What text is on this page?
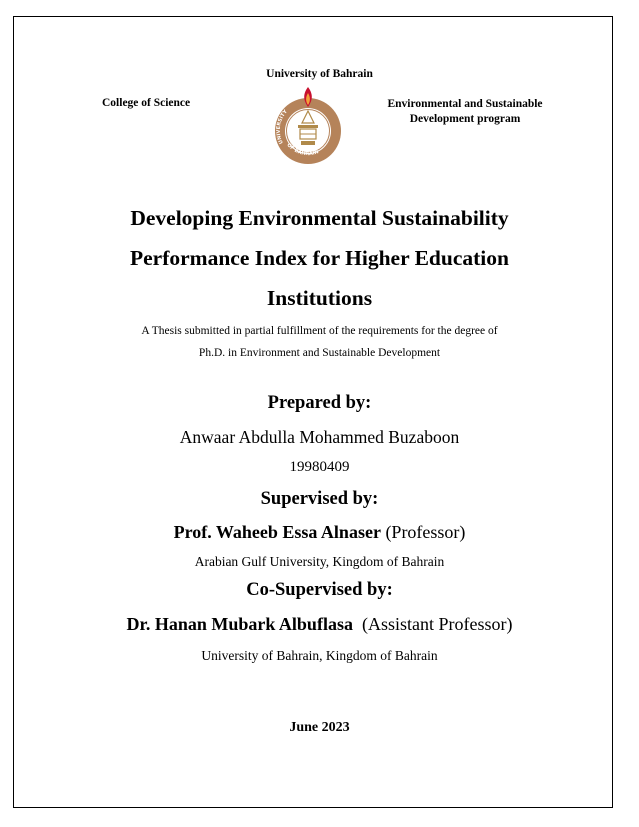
University of Bahrain
College of Science	Environmental and Sustainable
Development program
UNIVERSITY
OF BAHRAIN
Developing Environmental Sustainability
Performance Index for Higher Education
Institutions
A Thesis submitted in partial fulfillment of the requirements for the degree of
Ph.D. in Environment and Sustainable Development
Prepared by:
Anwaar Abdulla Mohammed Buzaboon
19980409
Supervised by:
Prof. Waheeb Essa Alnaser (Professor)
Arabian Gulf University, Kingdom of Bahrain
Co-Supervised by:
Dr. Hanan Mubark Albuflasa (Assistant Professor)
University of Bahrain, Kingdom of Bahrain
June 2023
